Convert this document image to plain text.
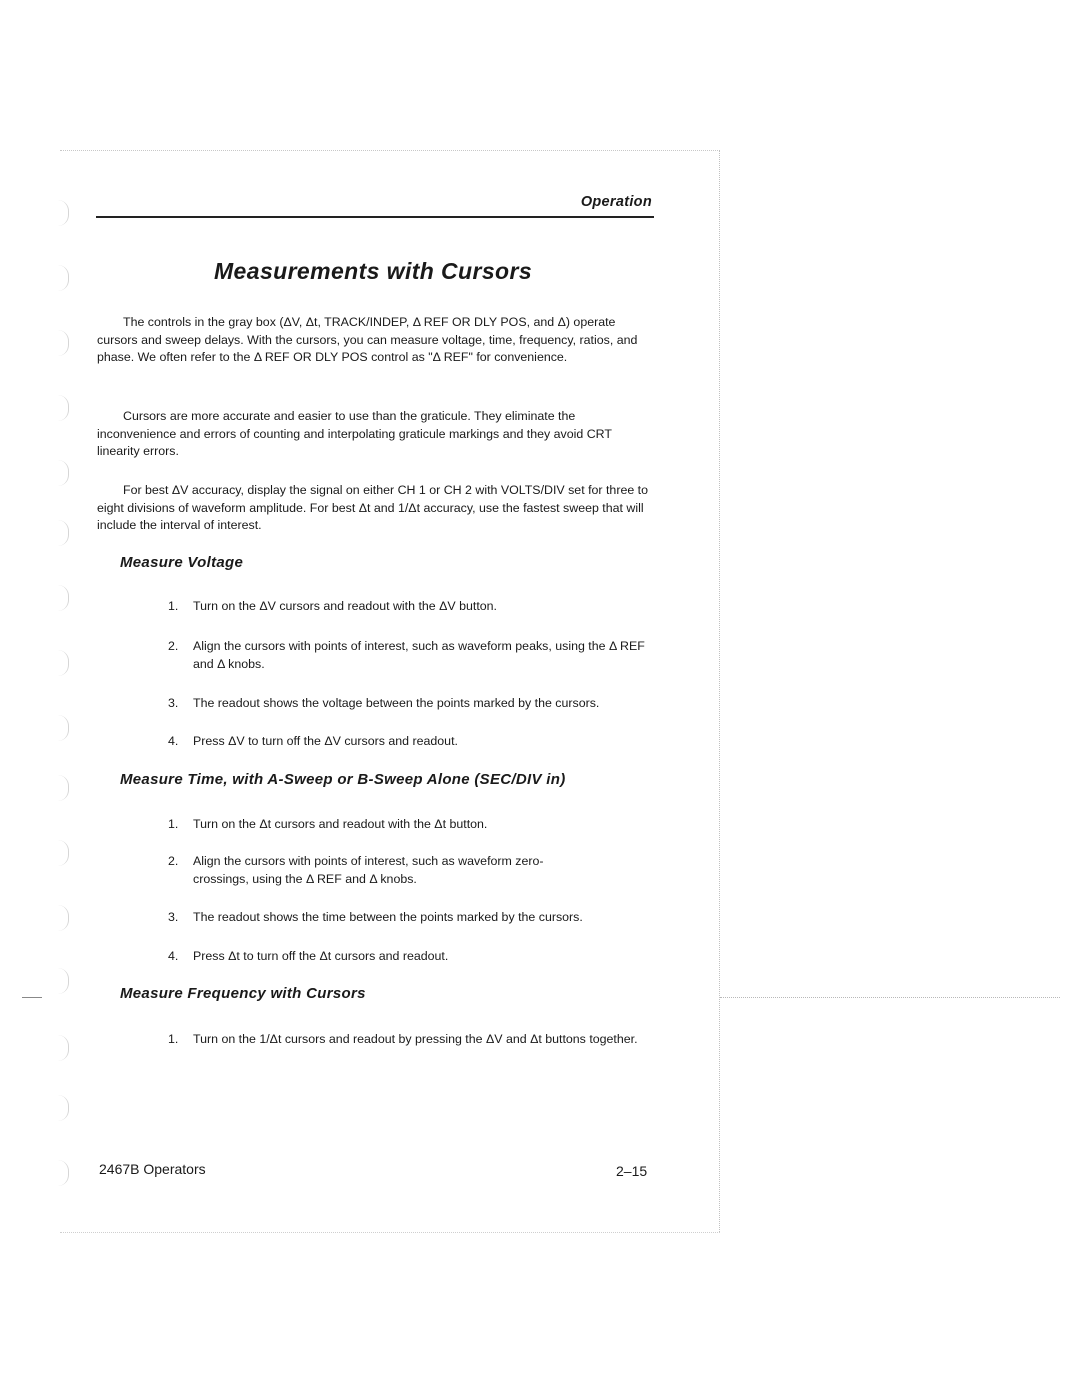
Operation
Measurements with Cursors

The controls in the gray box (ΔV, Δt, TRACK/INDEP, Δ REF OR DLY POS, and Δ) operate cursors and sweep delays. With the cursors, you can measure voltage, time, frequency, ratios, and phase. We often refer to the Δ REF OR DLY POS control as "Δ REF" for convenience.

Cursors are more accurate and easier to use than the graticule. They eliminate the inconvenience and errors of counting and interpolating graticule markings and they avoid CRT linearity errors.

For best ΔV accuracy, display the signal on either CH 1 or CH 2 with VOLTS/DIV set for three to eight divisions of waveform amplitude. For best Δt and 1/Δt accuracy, use the fastest sweep that will include the interval of interest.

Measure Voltage
1.	Turn on the ΔV cursors and readout with the ΔV button.
2.	Align the cursors with points of interest, such as waveform peaks, using the Δ REF and Δ knobs.
3.	The readout shows the voltage between the points marked by the cursors.
4.	Press ΔV to turn off the ΔV cursors and readout.
Measure Time, with A-Sweep or B-Sweep Alone (SEC/DIV in)
1.	Turn on the Δt cursors and readout with the Δt button.
2.	Align the cursors with points of interest, such as waveform zero-crossings, using the Δ REF and Δ knobs.
3.	The readout shows the time between the points marked by the cursors.
4.	Press Δt to turn off the Δt cursors and readout.
Measure Frequency with Cursors
1.	Turn on the 1/Δt cursors and readout by pressing the ΔV and Δt buttons together.
2467B Operators	2–15
